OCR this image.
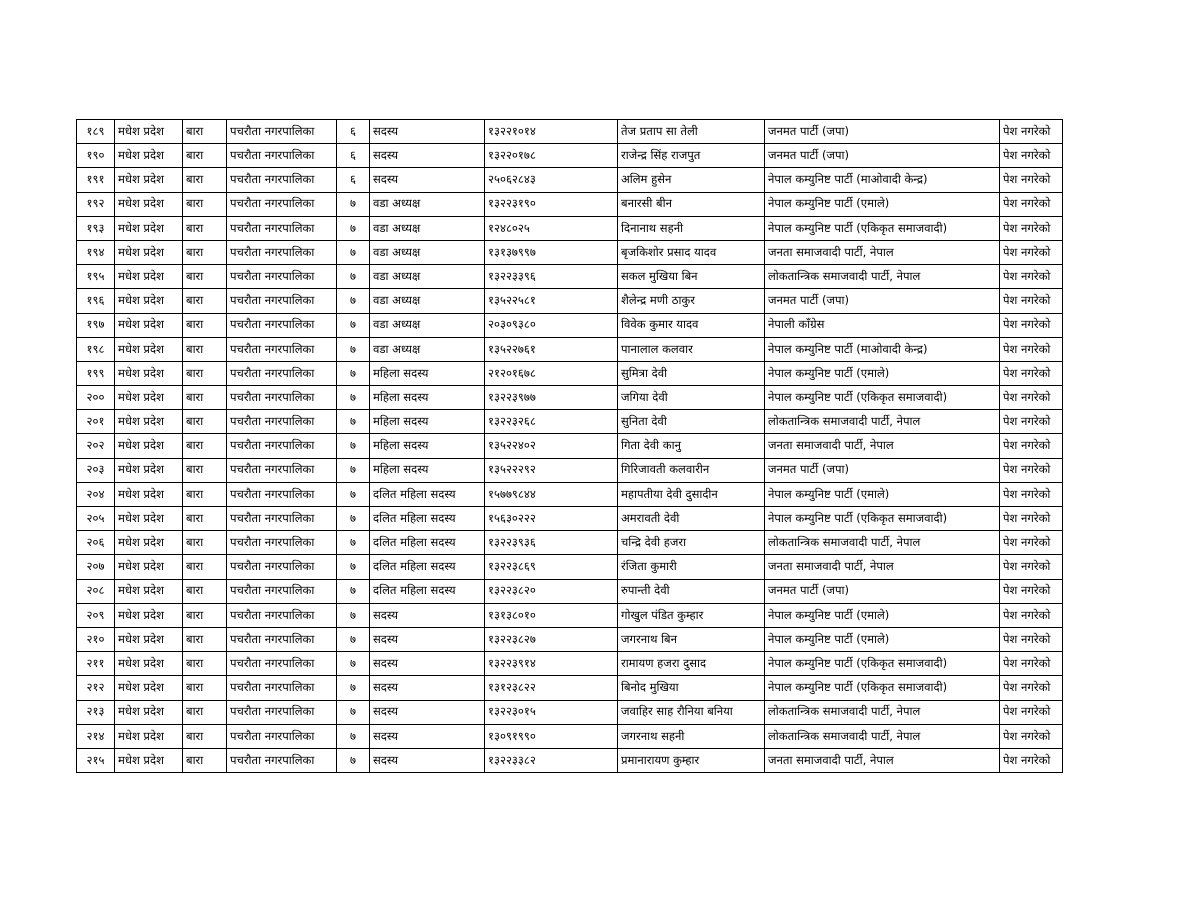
१८९	मधेश प्रदेश	बारा	पचरौता नगरपालिका	६	सदस्य	१३२२१०१४	तेज प्रताप सा तेली	जनमत पार्टी (जपा)	पेश नगरेको
१९०	मधेश प्रदेश	बारा	पचरौता नगरपालिका	६	सदस्य	१३२२०१७८	राजेन्द्र सिंह राजपुत	जनमत पार्टी (जपा)	पेश नगरेको
१९१	मधेश प्रदेश	बारा	पचरौता नगरपालिका	६	सदस्य	२५०६२८४३	अलिम हुसेन	नेपाल कम्युनिष्ट पार्टी (माओवादी केन्द्र)	पेश नगरेको
१९२	मधेश प्रदेश	बारा	पचरौता नगरपालिका	७	वडा अध्यक्ष	१३२२३१९०	बनारसी बीन	नेपाल कम्युनिष्ट पार्टी (एमाले)	पेश नगरेको
१९३	मधेश प्रदेश	बारा	पचरौता नगरपालिका	७	वडा अध्यक्ष	१२४८०२५	दिनानाथ सहनी	नेपाल कम्युनिष्ट पार्टी (एकिकृत समाजवादी)	पेश नगरेको
१९४	मधेश प्रदेश	बारा	पचरौता नगरपालिका	७	वडा अध्यक्ष	१३१३७९९७	बृजकिशोर प्रसाद यादव	जनता समाजवादी पार्टी, नेपाल	पेश नगरेको
१९५	मधेश प्रदेश	बारा	पचरौता नगरपालिका	७	वडा अध्यक्ष	१३२२३३९६	सकल मुखिया बिन	लोकतान्त्रिक समाजवादी पार्टी, नेपाल	पेश नगरेको
१९६	मधेश प्रदेश	बारा	पचरौता नगरपालिका	७	वडा अध्यक्ष	१३५२२५८१	शैलेन्द्र मणी ठाकुर	जनमत पार्टी (जपा)	पेश नगरेको
१९७	मधेश प्रदेश	बारा	पचरौता नगरपालिका	७	वडा अध्यक्ष	२०३०९३८०	विवेक कुमार यादव	नेपाली काँग्रेस	पेश नगरेको
१९८	मधेश प्रदेश	बारा	पचरौता नगरपालिका	७	वडा अध्यक्ष	१३५२२७६१	पानालाल कलवार	नेपाल कम्युनिष्ट पार्टी (माओवादी केन्द्र)	पेश नगरेको
१९९	मधेश प्रदेश	बारा	पचरौता नगरपालिका	७	महिला सदस्य	२१२०१६७८	सुमित्रा देवी	नेपाल कम्युनिष्ट पार्टी (एमाले)	पेश नगरेको
२००	मधेश प्रदेश	बारा	पचरौता नगरपालिका	७	महिला सदस्य	१३२२३९७७	जगिया देवी	नेपाल कम्युनिष्ट पार्टी (एकिकृत समाजवादी)	पेश नगरेको
२०१	मधेश प्रदेश	बारा	पचरौता नगरपालिका	७	महिला सदस्य	१३२२३२६८	सुनिता देवी	लोकतान्त्रिक समाजवादी पार्टी, नेपाल	पेश नगरेको
२०२	मधेश प्रदेश	बारा	पचरौता नगरपालिका	७	महिला सदस्य	१३५२२४०२	गिता देवी कानु	जनता समाजवादी पार्टी, नेपाल	पेश नगरेको
२०३	मधेश प्रदेश	बारा	पचरौता नगरपालिका	७	महिला सदस्य	१३५२२२९२	गिरिजावती कलवारीन	जनमत पार्टी (जपा)	पेश नगरेको
२०४	मधेश प्रदेश	बारा	पचरौता नगरपालिका	७	दलित महिला सदस्य	१५७७९८४४	महापतीया देवी दुसादीन	नेपाल कम्युनिष्ट पार्टी (एमाले)	पेश नगरेको
२०५	मधेश प्रदेश	बारा	पचरौता नगरपालिका	७	दलित महिला सदस्य	१५६३०२२२	अमरावती देवी	नेपाल कम्युनिष्ट पार्टी (एकिकृत समाजवादी)	पेश नगरेको
२०६	मधेश प्रदेश	बारा	पचरौता नगरपालिका	७	दलित महिला सदस्य	१३२२३९३६	चन्द्रि देवी हजरा	लोकतान्त्रिक समाजवादी पार्टी, नेपाल	पेश नगरेको
२०७	मधेश प्रदेश	बारा	पचरौता नगरपालिका	७	दलित महिला सदस्य	१३२२३८६९	रंजिता कुमारी	जनता समाजवादी पार्टी, नेपाल	पेश नगरेको
२०८	मधेश प्रदेश	बारा	पचरौता नगरपालिका	७	दलित महिला सदस्य	१३२२३८२०	रुपान्ती देवी	जनमत पार्टी (जपा)	पेश नगरेको
२०९	मधेश प्रदेश	बारा	पचरौता नगरपालिका	७	सदस्य	१३१३८०१०	गोखुल पंडित कुम्हार	नेपाल कम्युनिष्ट पार्टी (एमाले)	पेश नगरेको
२१०	मधेश प्रदेश	बारा	पचरौता नगरपालिका	७	सदस्य	१३२२३८२७	जगरनाथ बिन	नेपाल कम्युनिष्ट पार्टी (एमाले)	पेश नगरेको
२११	मधेश प्रदेश	बारा	पचरौता नगरपालिका	७	सदस्य	१३२२३९१४	रामायण हजरा दुसाद	नेपाल कम्युनिष्ट पार्टी (एकिकृत समाजवादी)	पेश नगरेको
२१२	मधेश प्रदेश	बारा	पचरौता नगरपालिका	७	सदस्य	१३१२३८२२	बिनोद मुखिया	नेपाल कम्युनिष्ट पार्टी (एकिकृत समाजवादी)	पेश नगरेको
२१३	मधेश प्रदेश	बारा	पचरौता नगरपालिका	७	सदस्य	१३२२३०१५	जवाहिर साह रौनिया बनिया	लोकतान्त्रिक समाजवादी पार्टी, नेपाल	पेश नगरेको
२१४	मधेश प्रदेश	बारा	पचरौता नगरपालिका	७	सदस्य	१३०९१९९०	जगरनाथ सहनी	लोकतान्त्रिक समाजवादी पार्टी, नेपाल	पेश नगरेको
२१५	मधेश प्रदेश	बारा	पचरौता नगरपालिका	७	सदस्य	१३२२३३८२	प्रमानारायण कुम्हार	जनता समाजवादी पार्टी, नेपाल	पेश नगरेको
